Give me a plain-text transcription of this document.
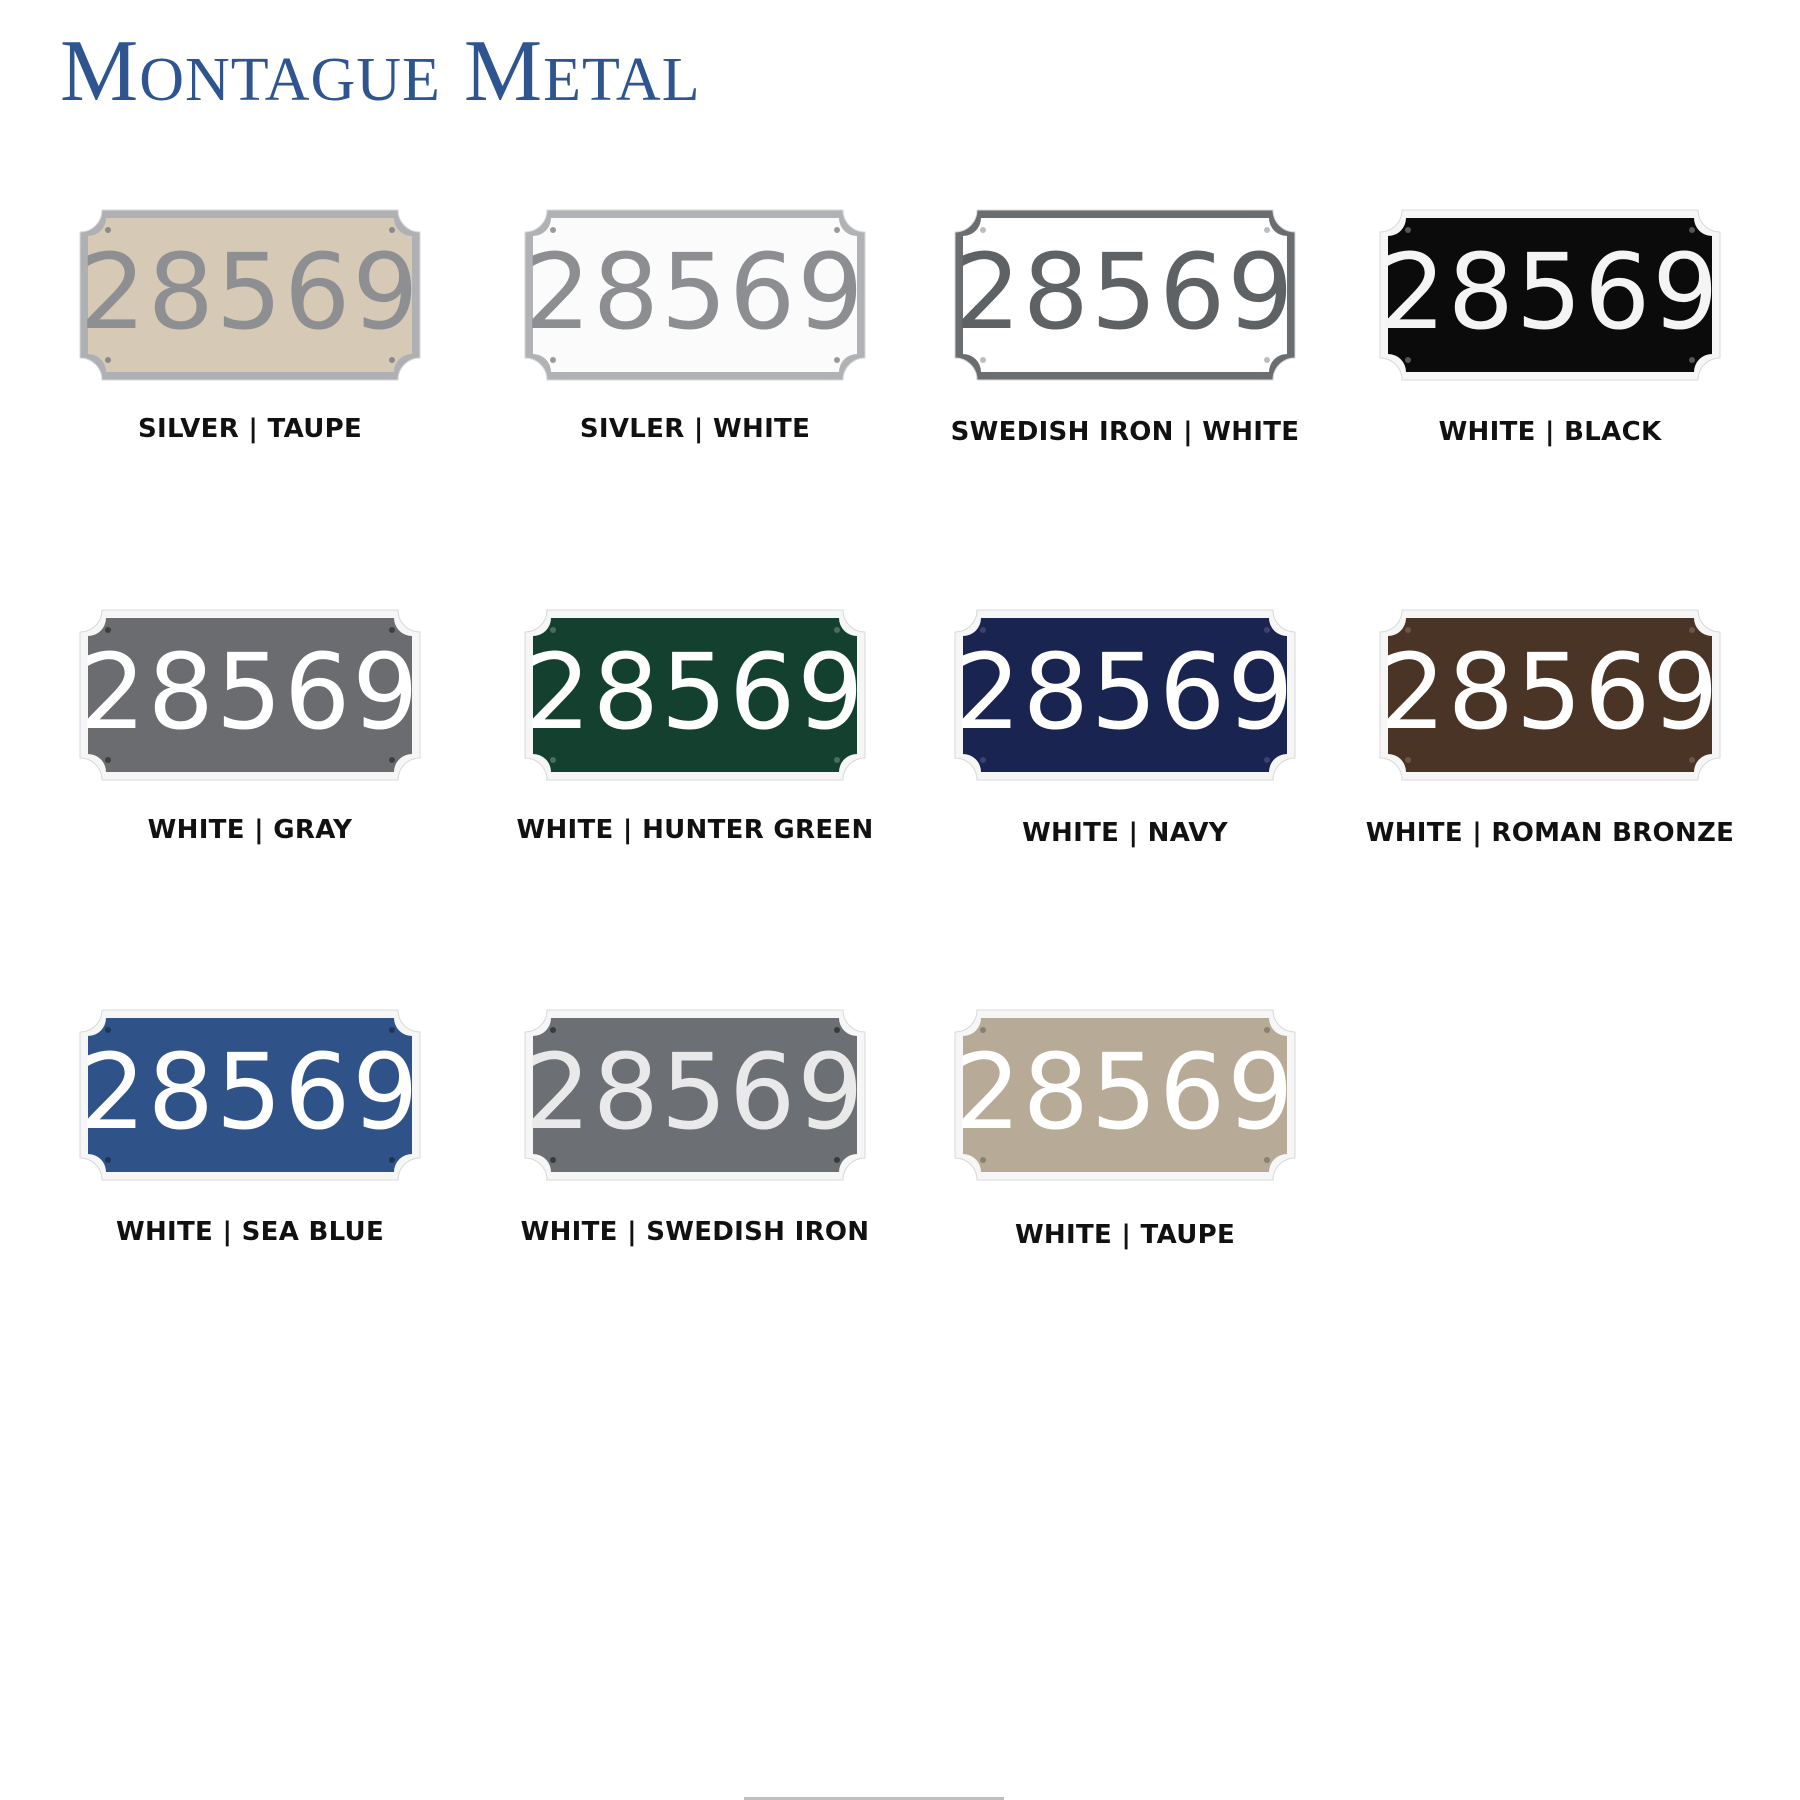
Montague Metal
28569
SILVER | TAUPE
28569
SIVLER | WHITE
28569
SWEDISH IRON | WHITE
28569
WHITE | BLACK
28569
WHITE | GRAY
28569
WHITE | HUNTER GREEN
28569
WHITE | NAVY
28569
WHITE | ROMAN BRONZE
28569
WHITE | SEA BLUE
28569
WHITE | SWEDISH IRON
28569
WHITE | TAUPE
